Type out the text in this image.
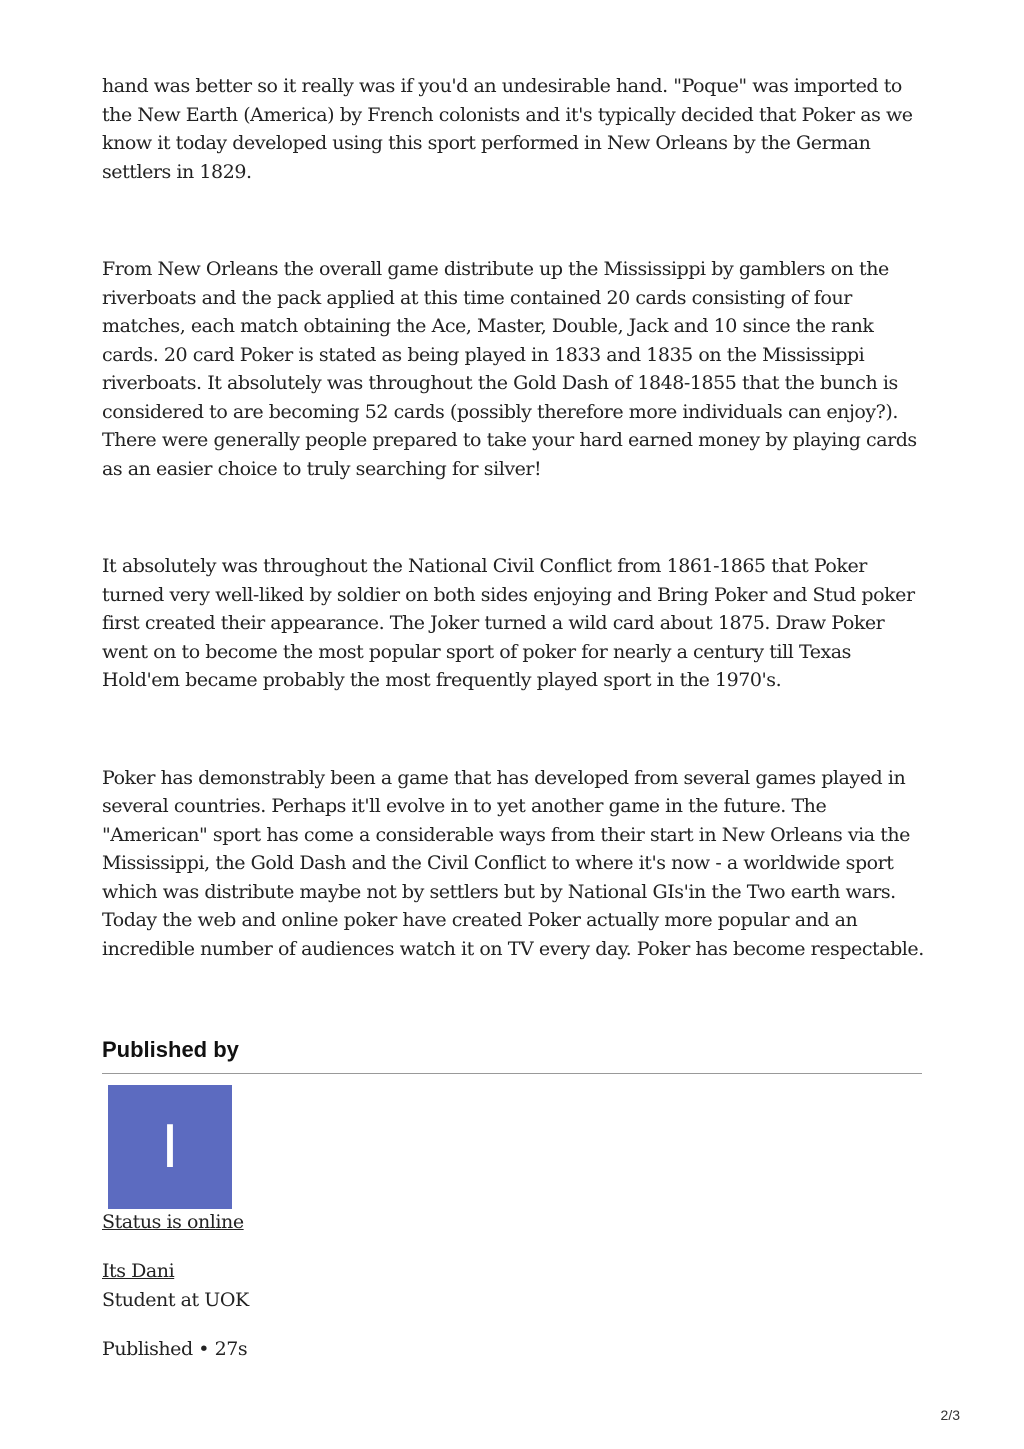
hand was better so it really was if you'd an undesirable hand. "Poque" was imported to the New Earth (America) by French colonists and it's typically decided that Poker as we know it today developed using this sport performed in New Orleans by the German settlers in 1829.

From New Orleans the overall game distribute up the Mississippi by gamblers on the riverboats and the pack applied at this time contained 20 cards consisting of four matches, each match obtaining the Ace, Master, Double, Jack and 10 since the rank cards. 20 card Poker is stated as being played in 1833 and 1835 on the Mississippi riverboats. It absolutely was throughout the Gold Dash of 1848-1855 that the bunch is considered to are becoming 52 cards (possibly therefore more individuals can enjoy?). There were generally people prepared to take your hard earned money by playing cards as an easier choice to truly searching for silver!

It absolutely was throughout the National Civil Conflict from 1861-1865 that Poker turned very well-liked by soldier on both sides enjoying and Bring Poker and Stud poker first created their appearance. The Joker turned a wild card about 1875. Draw Poker went on to become the most popular sport of poker for nearly a century till Texas Hold'em became probably the most frequently played sport in the 1970's.

Poker has demonstrably been a game that has developed from several games played in several countries. Perhaps it'll evolve in to yet another game in the future. The "American" sport has come a considerable ways from their start in New Orleans via the Mississippi, the Gold Dash and the Civil Conflict to where it's now - a worldwide sport which was distribute maybe not by settlers but by National GIs'in the Two earth wars. Today the web and online poker have created Poker actually more popular and an incredible number of audiences watch it on TV every day. Poker has become respectable.

Published by
I
Status is online
Its Dani
Student at UOK
Published • 27s
2/3
